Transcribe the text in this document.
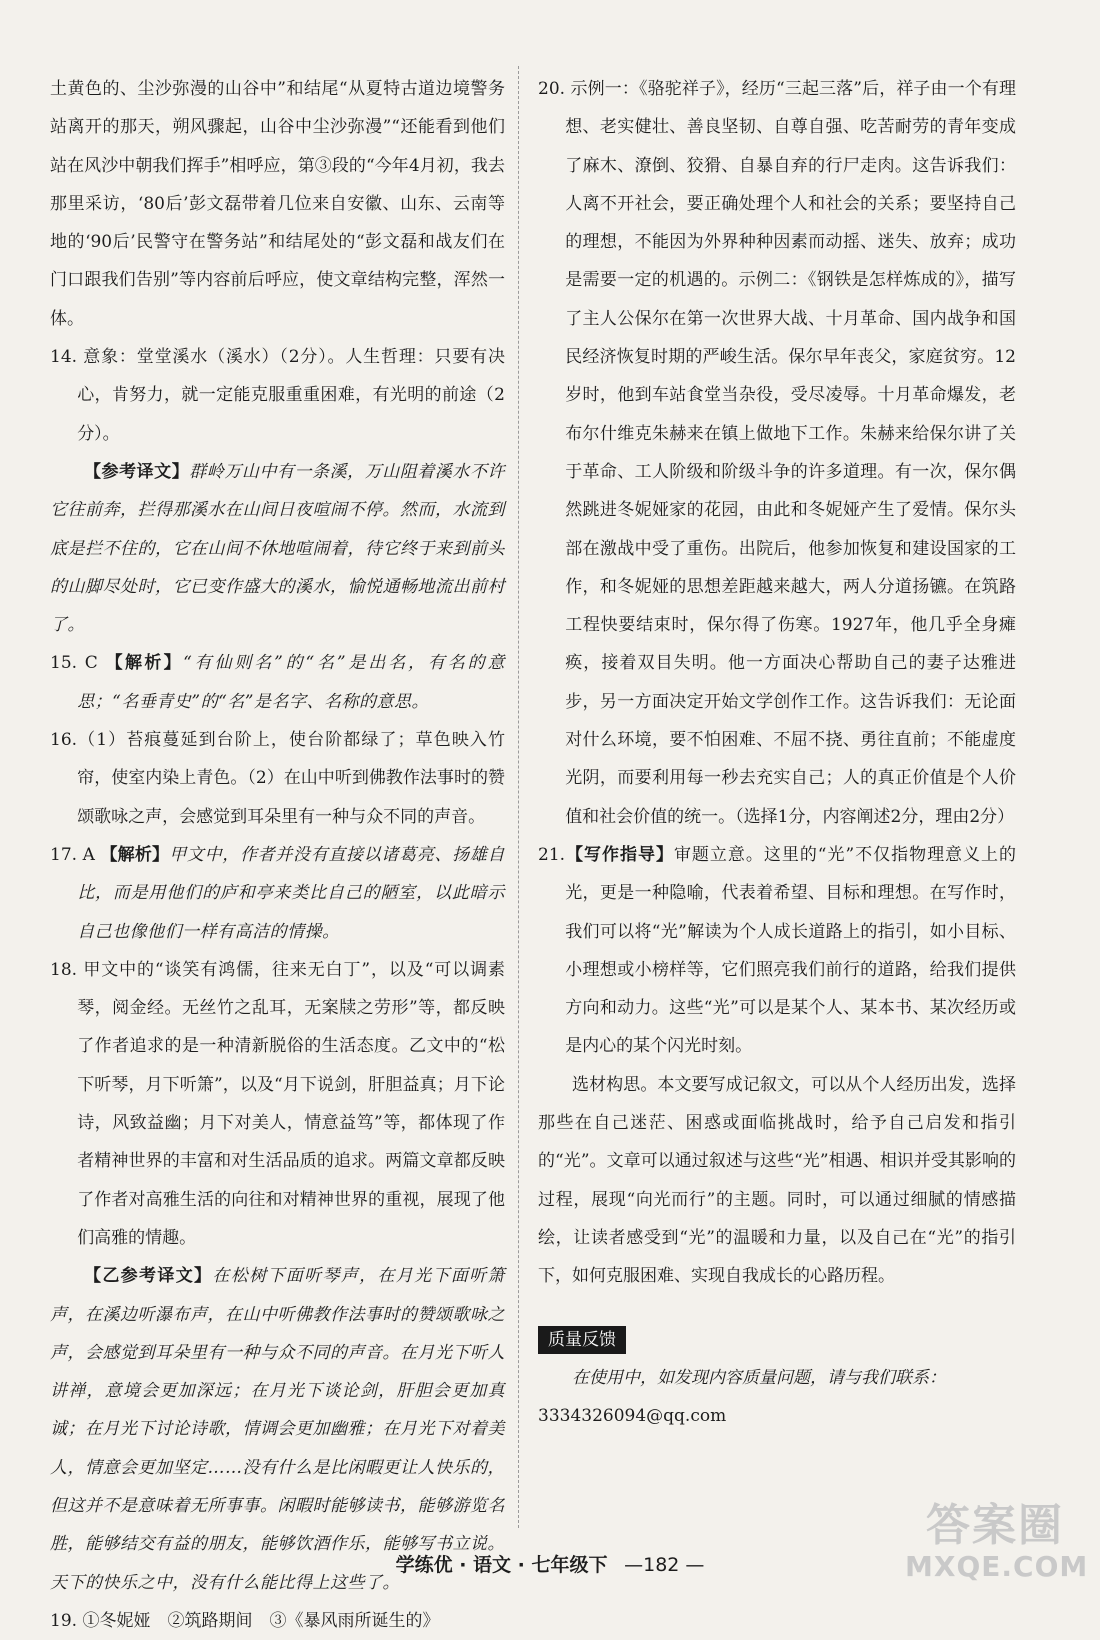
土黄色的、尘沙弥漫的山谷中”和结尾“从夏特古道边境警务站离开的那天，朔风骤起，山谷中尘沙弥漫”“还能看到他们站在风沙中朝我们挥手”相呼应，第③段的“今年4月初，我去那里采访，‘80后’彭文磊带着几位来自安徽、山东、云南等地的‘90后’民警守在警务站”和结尾处的“彭文磊和战友们在门口跟我们告别”等内容前后呼应，使文章结构完整，浑然一体。

14. 意象：堂堂溪水（溪水）（2分）。人生哲理：只要有决心，肯努力，就一定能克服重重困难，有光明的前途（2分）。

【参考译文】群岭万山中有一条溪，万山阻着溪水不许它往前奔，拦得那溪水在山间日夜喧闹不停。然而，水流到底是拦不住的，它在山间不休地喧闹着，待它终于来到前头的山脚尽处时，它已变作盛大的溪水，愉悦通畅地流出前村了。

15. C 【解析】“有仙则名”的“名”是出名，有名的意思；“名垂青史”的“名”是名字、名称的意思。

16.（1）苔痕蔓延到台阶上，使台阶都绿了；草色映入竹帘，使室内染上青色。（2）在山中听到佛教作法事时的赞颂歌咏之声，会感觉到耳朵里有一种与众不同的声音。

17. A 【解析】甲文中，作者并没有直接以诸葛亮、扬雄自比，而是用他们的庐和亭来类比自己的陋室，以此暗示自己也像他们一样有高洁的情操。

18. 甲文中的“谈笑有鸿儒，往来无白丁”，以及“可以调素琴，阅金经。无丝竹之乱耳，无案牍之劳形”等，都反映了作者追求的是一种清新脱俗的生活态度。乙文中的“松下听琴，月下听箫”，以及“月下说剑，肝胆益真；月下论诗，风致益幽；月下对美人，情意益笃”等，都体现了作者精神世界的丰富和对生活品质的追求。两篇文章都反映了作者对高雅生活的向往和对精神世界的重视，展现了他们高雅的情趣。

【乙参考译文】在松树下面听琴声，在月光下面听箫声，在溪边听瀑布声，在山中听佛教作法事时的赞颂歌咏之声，会感觉到耳朵里有一种与众不同的声音。在月光下听人讲禅，意境会更加深远；在月光下谈论剑，肝胆会更加真诚；在月光下讨论诗歌，情调会更加幽雅；在月光下对着美人，情意会更加坚定……没有什么是比闲暇更让人快乐的，但这并不是意味着无所事事。闲暇时能够读书，能够游览名胜，能够结交有益的朋友，能够饮酒作乐，能够写书立说。天下的快乐之中，没有什么能比得上这些了。

19. ①冬妮娅　②筑路期间　③《暴风雨所诞生的》

20. 示例一：《骆驼祥子》，经历“三起三落”后，祥子由一个有理想、老实健壮、善良坚韧、自尊自强、吃苦耐劳的青年变成了麻木、潦倒、狡猾、自暴自弃的行尸走肉。这告诉我们：人离不开社会，要正确处理个人和社会的关系；要坚持自己的理想，不能因为外界种种因素而动摇、迷失、放弃；成功是需要一定的机遇的。示例二：《钢铁是怎样炼成的》，描写了主人公保尔在第一次世界大战、十月革命、国内战争和国民经济恢复时期的严峻生活。保尔早年丧父，家庭贫穷。12岁时，他到车站食堂当杂役，受尽凌辱。十月革命爆发，老布尔什维克朱赫来在镇上做地下工作。朱赫来给保尔讲了关于革命、工人阶级和阶级斗争的许多道理。有一次，保尔偶然跳进冬妮娅家的花园，由此和冬妮娅产生了爱情。保尔头部在激战中受了重伤。出院后，他参加恢复和建设国家的工作，和冬妮娅的思想差距越来越大，两人分道扬镳。在筑路工程快要结束时，保尔得了伤寒。1927年，他几乎全身瘫痪，接着双目失明。他一方面决心帮助自己的妻子达雅进步，另一方面决定开始文学创作工作。这告诉我们：无论面对什么环境，要不怕困难、不屈不挠、勇往直前；不能虚度光阴，而要利用每一秒去充实自己；人的真正价值是个人价值和社会价值的统一。（选择1分，内容阐述2分，理由2分）

21.【写作指导】审题立意。这里的“光”不仅指物理意义上的光，更是一种隐喻，代表着希望、目标和理想。在写作时，我们可以将“光”解读为个人成长道路上的指引，如小目标、小理想或小榜样等，它们照亮我们前行的道路，给我们提供方向和动力。这些“光”可以是某个人、某本书、某次经历或是内心的某个闪光时刻。

选材构思。本文要写成记叙文，可以从个人经历出发，选择那些在自己迷茫、困惑或面临挑战时，给予自己启发和指引的“光”。文章可以通过叙述与这些“光”相遇、相识并受其影响的过程，展现“向光而行”的主题。同时，可以通过细腻的情感描绘，让读者感受到“光”的温暖和力量，以及自己在“光”的指引下，如何克服困难、实现自我成长的心路历程。

质量反馈

在使用中，如发现内容质量问题，请与我们联系：

3334326094@qq.com

学练优 · 语文 · 七年级下 —182 —
答案圈
MXQE.COM
